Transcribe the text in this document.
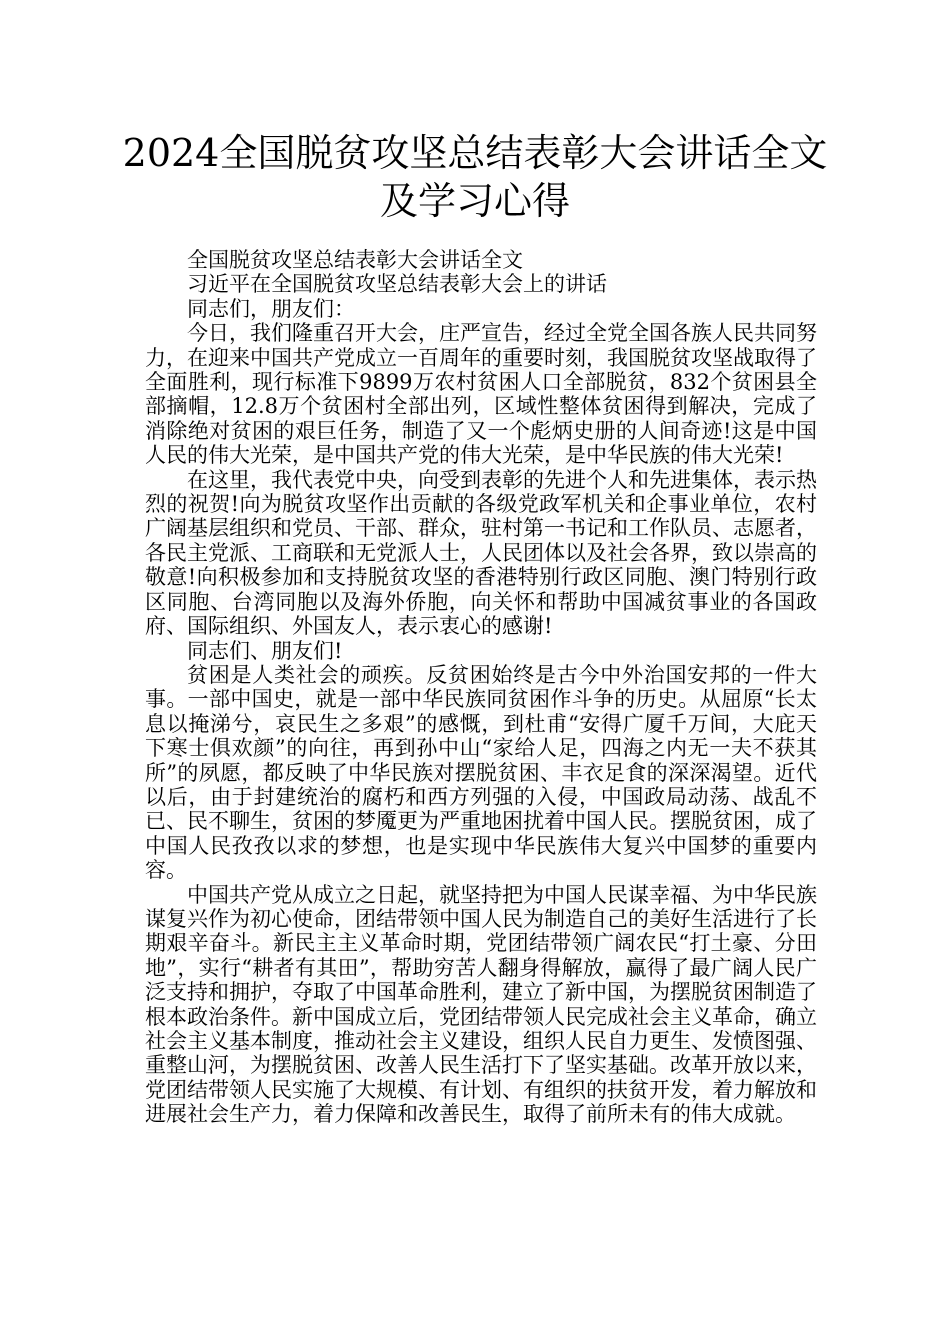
2024全国脱贫攻坚总结表彰大会讲话全文
及学习心得

全国脱贫攻坚总结表彰大会讲话全文

习近平在全国脱贫攻坚总结表彰大会上的讲话

同志们，朋友们：

今日，我们隆重召开大会，庄严宣告，经过全党全国各族人民共同努力，在迎来中国共产党成立一百周年的重要时刻，我国脱贫攻坚战取得了全面胜利，现行标准下9899万农村贫困人口全部脱贫，832个贫困县全部摘帽，12.8万个贫困村全部出列，区域性整体贫困得到解决，完成了消除绝对贫困的艰巨任务，制造了又一个彪炳史册的人间奇迹!这是中国人民的伟大光荣，是中国共产党的伟大光荣，是中华民族的伟大光荣!

在这里，我代表党中央，向受到表彰的先进个人和先进集体，表示热烈的祝贺!向为脱贫攻坚作出贡献的各级党政军机关和企事业单位，农村广阔基层组织和党员、干部、群众，驻村第一书记和工作队员、志愿者，各民主党派、工商联和无党派人士，人民团体以及社会各界，致以崇高的敬意!向积极参加和支持脱贫攻坚的香港特别行政区同胞、澳门特别行政区同胞、台湾同胞以及海外侨胞，向关怀和帮助中国减贫事业的各国政府、国际组织、外国友人，表示衷心的感谢!

同志们、朋友们!

贫困是人类社会的顽疾。反贫困始终是古今中外治国安邦的一件大事。一部中国史，就是一部中华民族同贫困作斗争的历史。从屈原“长太息以掩涕兮，哀民生之多艰”的感慨，到杜甫“安得广厦千万间，大庇天下寒士俱欢颜”的向往，再到孙中山“家给人足，四海之内无一夫不获其所”的夙愿，都反映了中华民族对摆脱贫困、丰衣足食的深深渴望。近代以后，由于封建统治的腐朽和西方列强的入侵，中国政局动荡、战乱不已、民不聊生，贫困的梦魇更为严重地困扰着中国人民。摆脱贫困，成了中国人民孜孜以求的梦想，也是实现中华民族伟大复兴中国梦的重要内容。

中国共产党从成立之日起，就坚持把为中国人民谋幸福、为中华民族谋复兴作为初心使命，团结带领中国人民为制造自己的美好生活进行了长期艰辛奋斗。新民主主义革命时期，党团结带领广阔农民“打土豪、分田地”，实行“耕者有其田”，帮助穷苦人翻身得解放，赢得了最广阔人民广泛支持和拥护，夺取了中国革命胜利，建立了新中国，为摆脱贫困制造了根本政治条件。新中国成立后，党团结带领人民完成社会主义革命，确立社会主义基本制度，推动社会主义建设，组织人民自力更生、发愤图强、重整山河，为摆脱贫困、改善人民生活打下了坚实基础。改革开放以来，党团结带领人民实施了大规模、有计划、有组织的扶贫开发，着力解放和进展社会生产力，着力保障和改善民生，取得了前所未有的伟大成就。
